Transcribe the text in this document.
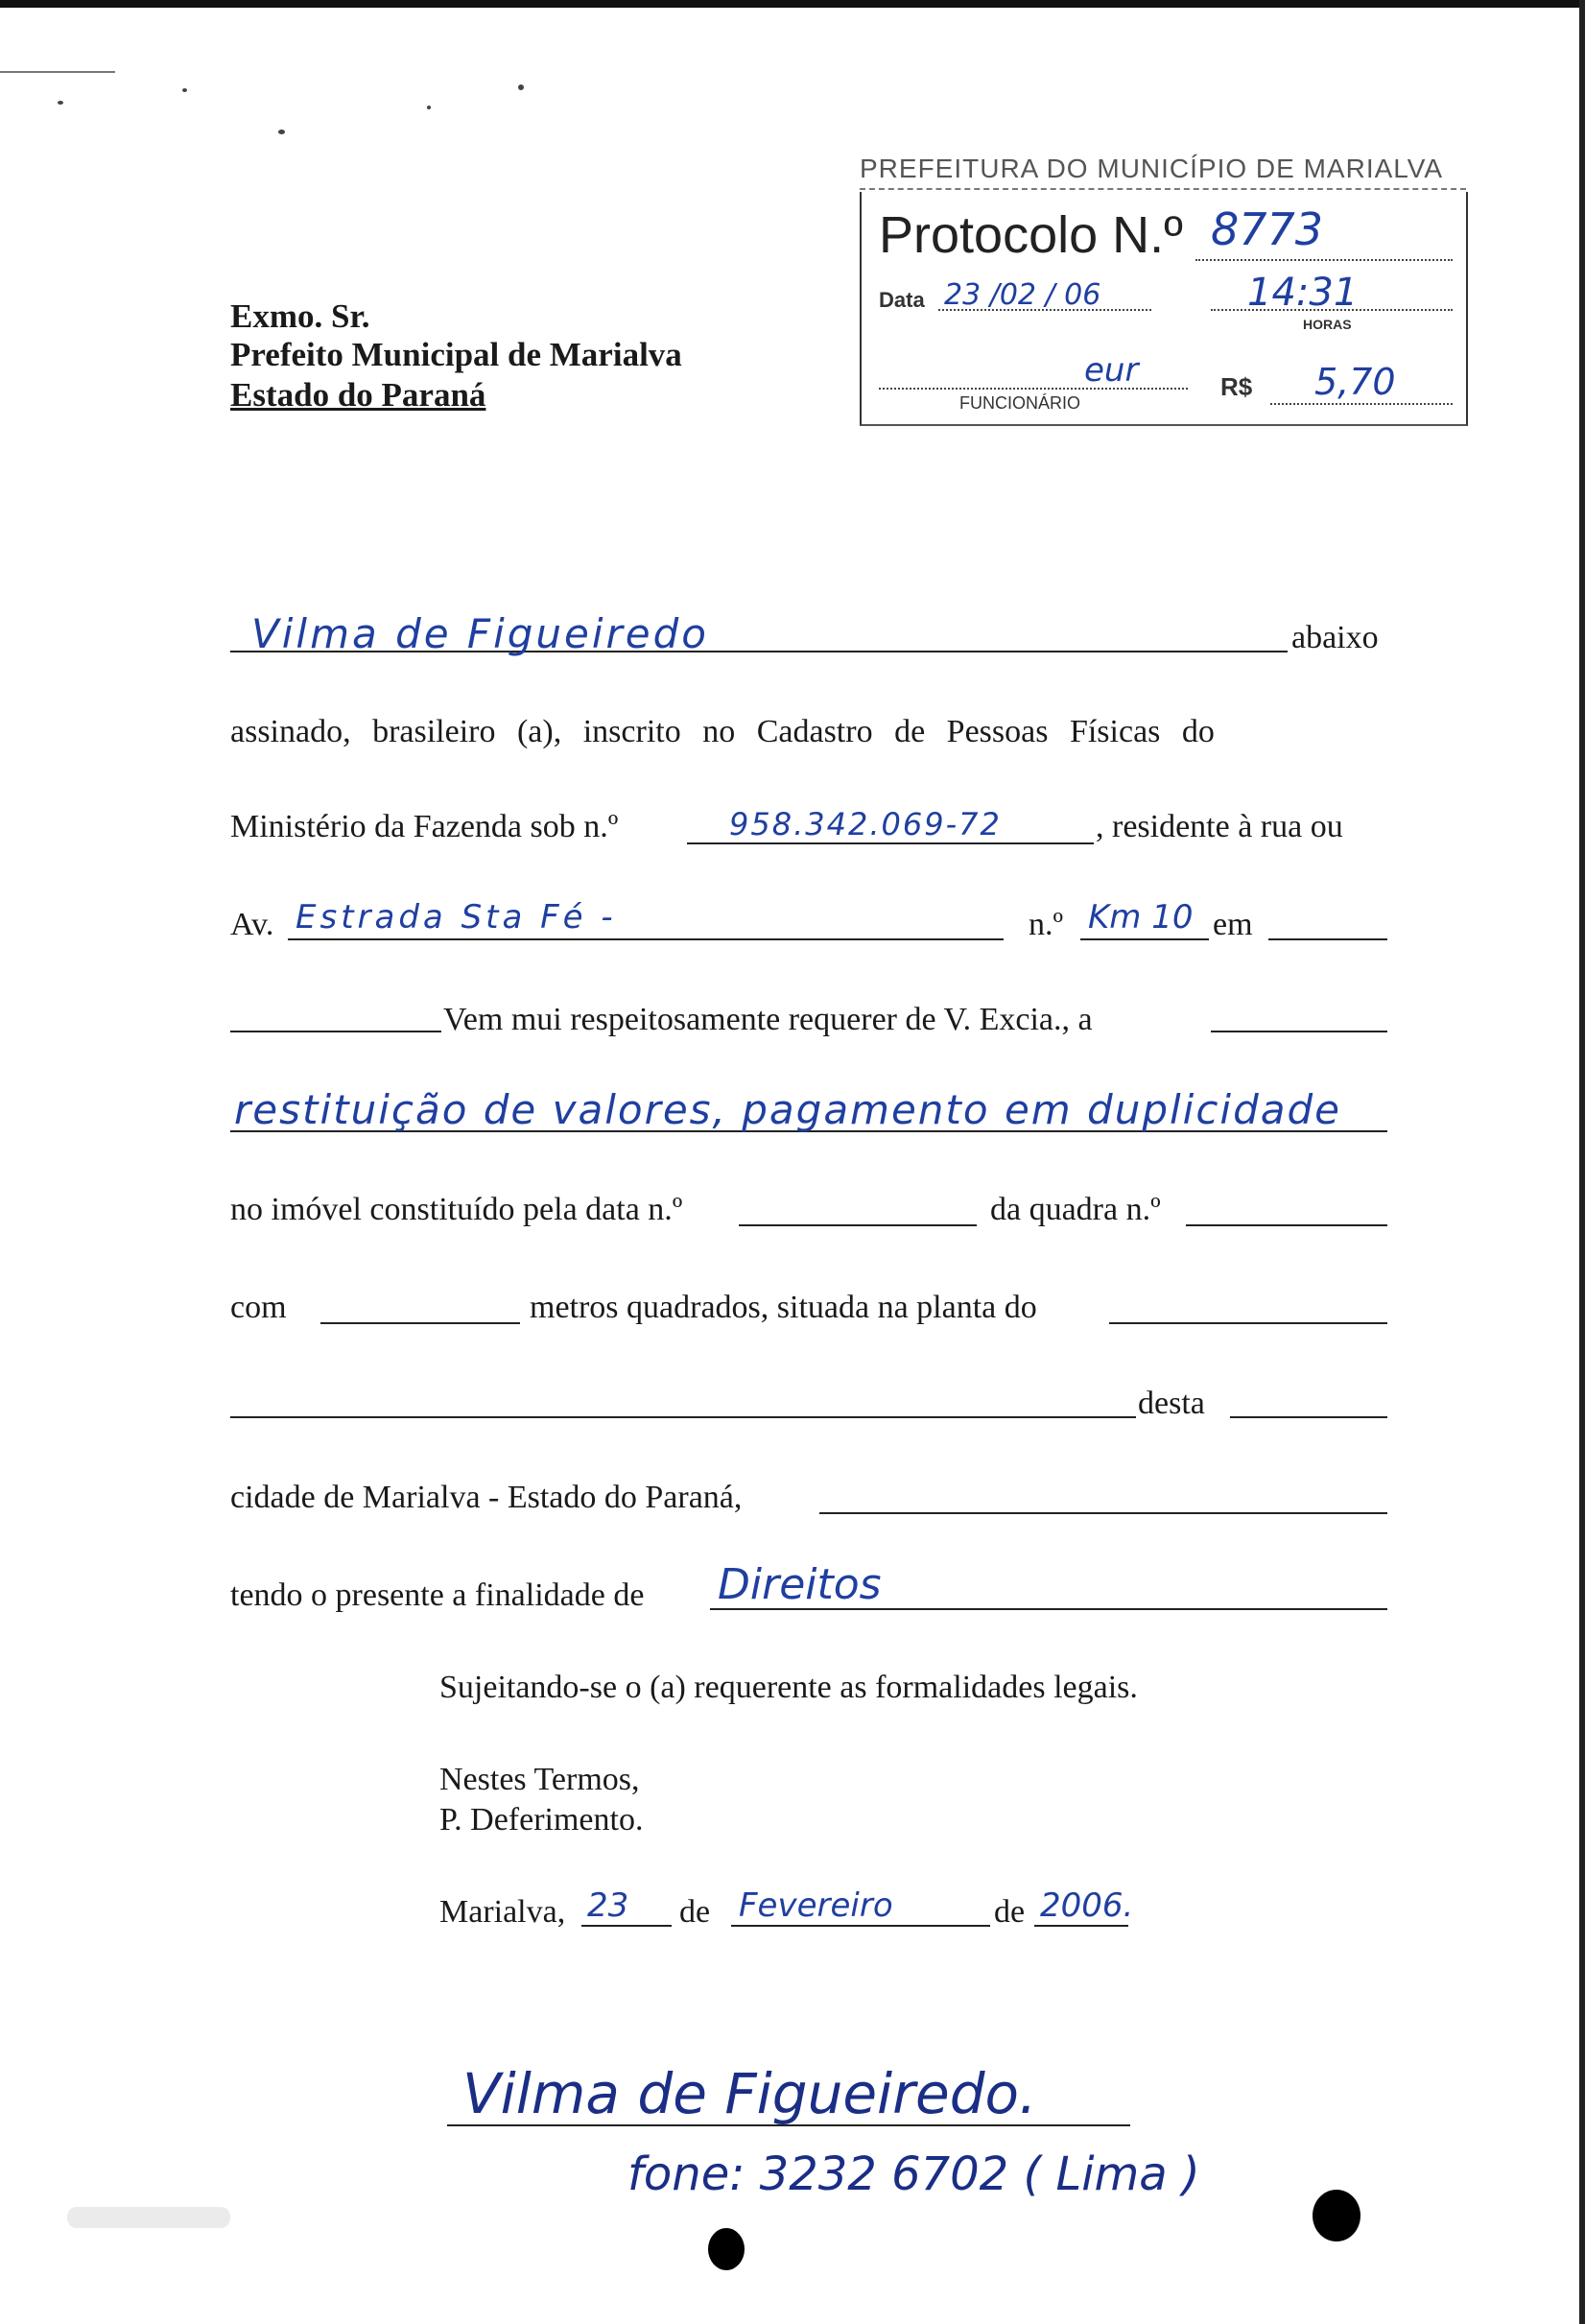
Exmo. Sr.
Prefeito Municipal de Marialva
Estado do Paraná
PREFEITURA DO MUNICÍPIO DE MARIALVA
Protocolo N.º 8773
Data 23 /02 / 06	14:31
HORAS
eur
FUNCIONÁRIO
R$ 5,70
Vilma de Figueiredo	abaixo
assinado, brasileiro (a), inscrito no Cadastro de Pessoas Físicas do
Ministério da Fazenda sob n.º	958.342.069-72	, residente à rua ou
Av. Estrada Sta Fé -	n.º Km 10 em
Vem mui respeitosamente requerer de V. Excia., a
restituição de valores, pagamento em duplicidade
no imóvel constituído pela data n.º	da quadra n.º
com	metros quadrados, situada na planta do
desta
cidade de Marialva - Estado do Paraná,
tendo o presente a finalidade de Direitos
Sujeitando-se o (a) requerente as formalidades legais.
Nestes Termos,
P. Deferimento.
Marialva, 23 de Fevereiro	de 2006.
Vilma de Figueiredo.
fone: 3232 6702 ( Lima )
